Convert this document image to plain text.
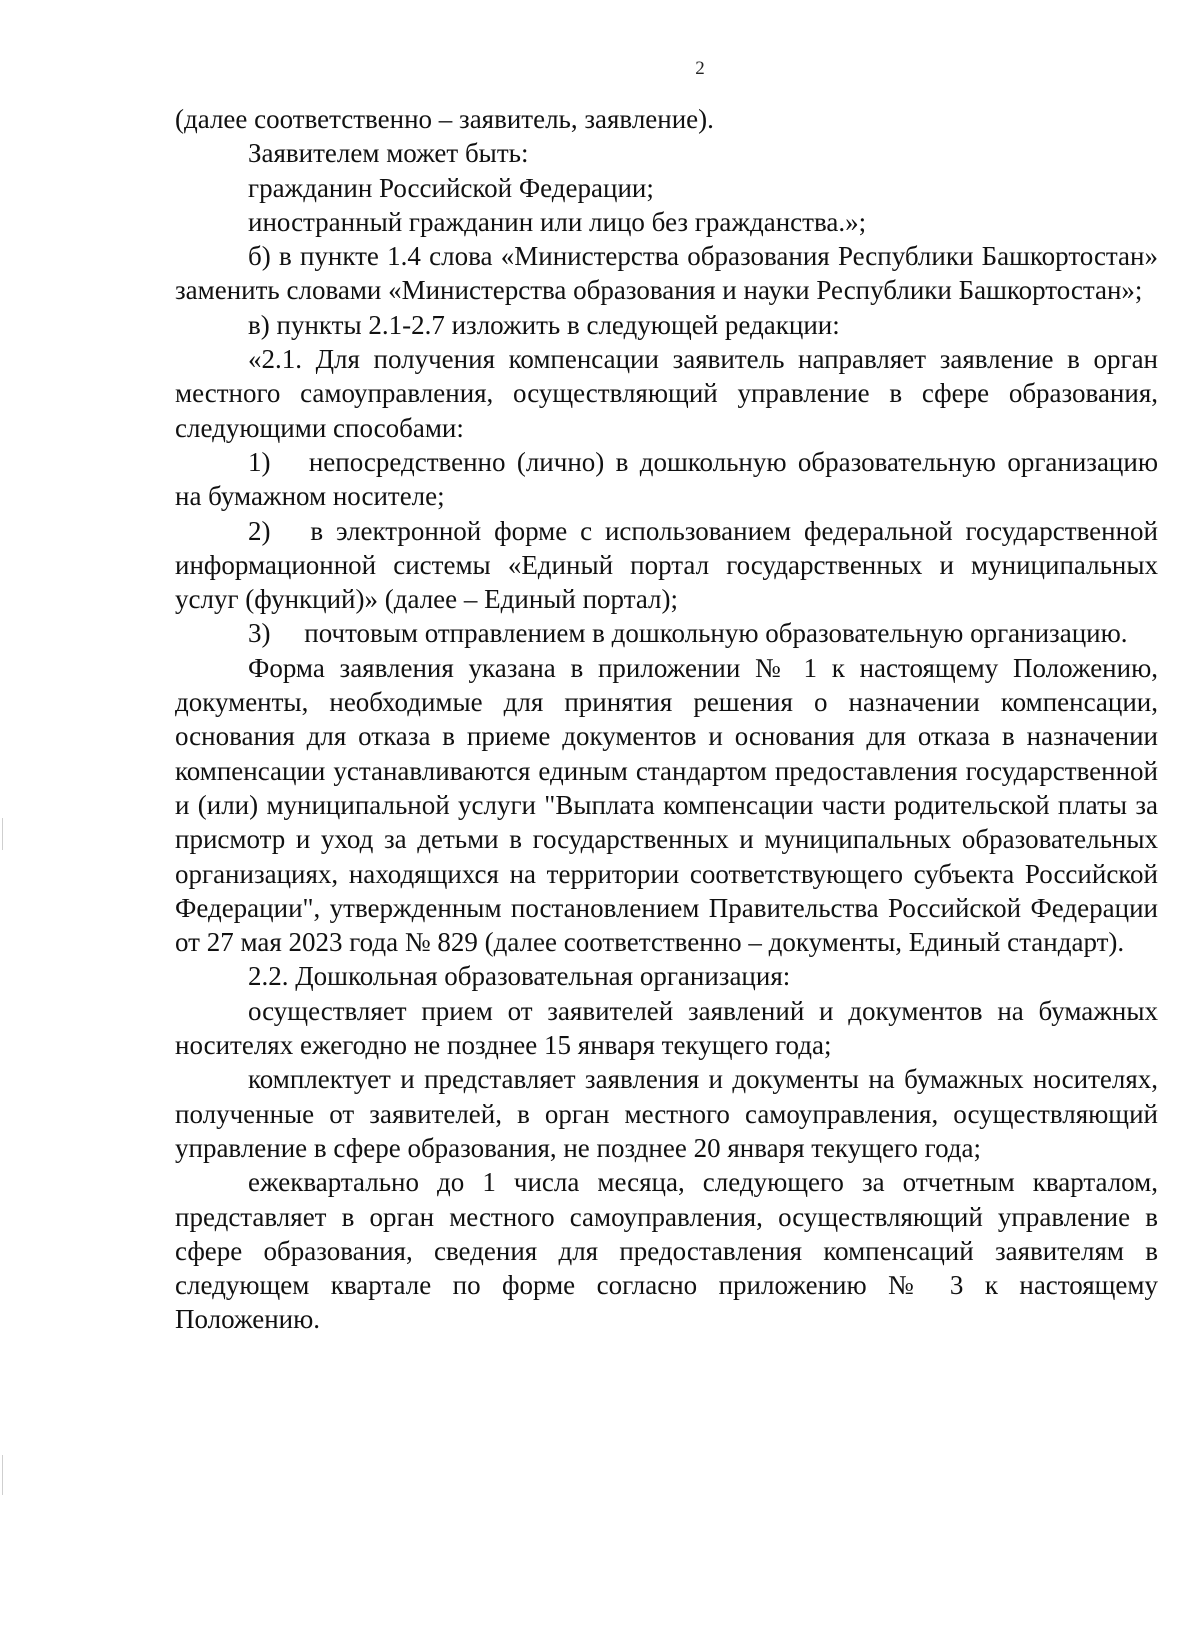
2

(далее соответственно – заявитель, заявление).

Заявителем может быть:

гражданин Российской Федерации;

иностранный гражданин или лицо без гражданства.»;

б) в пункте 1.4 слова «Министерства образования Республики Башкортостан» заменить словами «Министерства образования и науки Республики Башкортостан»;

в) пункты 2.1-2.7 изложить в следующей редакции:

«2.1. Для получения компенсации заявитель направляет заявление в орган местного самоуправления, осуществляющий управление в сфере образования, следующими способами:

1)  непосредственно (лично) в дошкольную образовательную организацию на бумажном носителе;

2)  в электронной форме с использованием федеральной государственной информационной системы «Единый портал государственных и муниципальных услуг (функций)» (далее – Единый портал);

3)  почтовым отправлением в дошкольную образовательную организацию.

Форма заявления указана в приложении № 1 к настоящему Положению, документы, необходимые для принятия решения о назначении компенсации, основания для отказа в приеме документов и основания для отказа в назначении компенсации устанавливаются единым стандартом предоставления государственной и (или) муниципальной услуги "Выплата компенсации части родительской платы за присмотр и уход за детьми в государственных и муниципальных образовательных организациях, находящихся на территории соответствующего субъекта Российской Федерации", утвержденным постановлением Правительства Российской Федерации от 27 мая 2023 года № 829 (далее соответственно – документы, Единый стандарт).

2.2. Дошкольная образовательная организация:

осуществляет прием от заявителей заявлений и документов на бумажных носителях ежегодно не позднее 15 января текущего года;

комплектует и представляет заявления и документы на бумажных носителях, полученные от заявителей, в орган местного самоуправления, осуществляющий управление в сфере образования, не позднее 20 января текущего года;

ежеквартально до 1 числа месяца, следующего за отчетным кварталом, представляет в орган местного самоуправления, осуществляющий управление в сфере образования, сведения для предоставления компенсаций заявителям в следующем квартале по форме согласно приложению № 3 к настоящему Положению.
